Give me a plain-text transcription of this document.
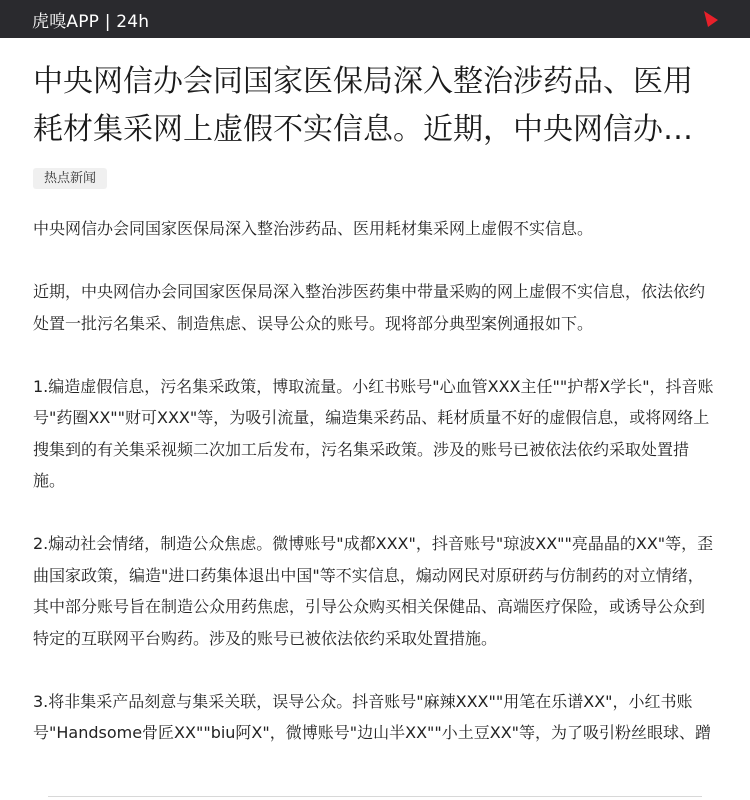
虎嗅APP | 24h
中央网信办会同国家医保局深入整治涉药品、医用耗材集采网上虚假不实信息。近期，中央网信办…
热点新闻

中央网信办会同国家医保局深入整治涉药品、医用耗材集采网上虚假不实信息。

近期，中央网信办会同国家医保局深入整治涉医药集中带量采购的网上虚假不实信息，依法依约处置一批污名集采、制造焦虑、误导公众的账号。现将部分典型案例通报如下。

1.编造虚假信息，污名集采政策，博取流量。小红书账号"心血管XXX主任""护帮X学长"，抖音账号"药圈XX""财可XXX"等，为吸引流量，编造集采药品、耗材质量不好的虚假信息，或将网络上搜集到的有关集采视频二次加工后发布，污名集采政策。涉及的账号已被依法依约采取处置措施。

2.煽动社会情绪，制造公众焦虑。微博账号"成都XXX"，抖音账号"琼波XX""亮晶晶的XX"等，歪曲国家政策，编造"进口药集体退出中国"等不实信息，煽动网民对原研药与仿制药的对立情绪，其中部分账号旨在制造公众用药焦虑，引导公众购买相关保健品、高端医疗保险，或诱导公众到特定的互联网平台购药。涉及的账号已被依法依约采取处置措施。

3.将非集采产品刻意与集采关联，误导公众。抖音账号"麻辣XXX""用笔在乐谱XX"，小红书账号"Handsome骨匠XX""biu阿X"，微博账号"边山半XX""小土豆XX"等，为了吸引粉丝眼球、蹭
